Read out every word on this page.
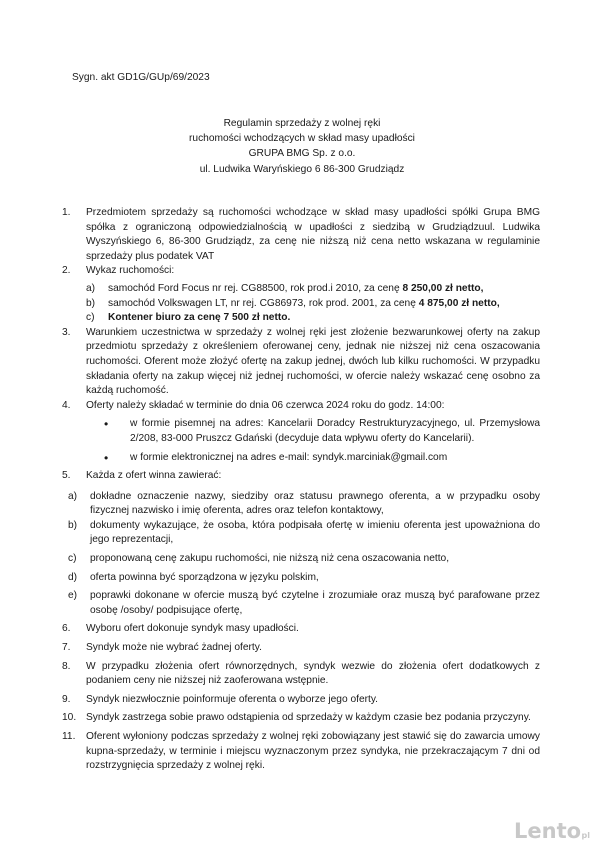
Sygn. akt GD1G/GUp/69/2023
Regulamin sprzedaży z wolnej ręki
ruchomości wchodzących w skład masy upadłości
GRUPA BMG Sp. z o.o.
ul. Ludwika Waryńskiego 6 86-300 Grudziądz
1.	Przedmiotem sprzedaży są ruchomości wchodzące w skład masy upadłości spółki Grupa BMG spółka z ograniczoną odpowiedzialnością w upadłości z siedzibą w Grudziądzuul. Ludwika Wyszyńskiego 6, 86-300 Grudziądz, za cenę nie niższą niż cena netto wskazana w regulaminie sprzedaży plus podatek VAT
2.	Wykaz ruchomości:
a)	samochód Ford Focus nr rej. CG88500, rok prod.i 2010, za cenę 8 250,00 zł netto,
b)	samochód Volkswagen LT, nr rej. CG86973, rok prod. 2001, za cenę 4 875,00 zł netto,
c)	Kontener biuro za cenę 7 500 zł netto.
3.	Warunkiem uczestnictwa w sprzedaży z wolnej ręki jest złożenie bezwarunkowej oferty na zakup przedmiotu sprzedaży z określeniem oferowanej ceny, jednak nie niższej niż cena oszacowania ruchomości. Oferent może złożyć ofertę na zakup jednej, dwóch lub kilku ruchomości. W przypadku składania oferty na zakup więcej niż jednej ruchomości, w ofercie należy wskazać cenę osobno za każdą ruchomość.
4.	Oferty należy składać w terminie do dnia 06 czerwca 2024 roku do godz. 14:00:
• w formie pisemnej na adres: Kancelarii Doradcy Restrukturyzacyjnego, ul. Przemysłowa 2/208, 83-000 Pruszcz Gdański (decyduje data wpływu oferty do Kancelarii).
• w formie elektronicznej na adres e-mail: syndyk.marciniak@gmail.com
5.	Każda z ofert winna zawierać:
a)	dokładne oznaczenie nazwy, siedziby oraz statusu prawnego oferenta, a w przypadku osoby fizycznej nazwisko i imię oferenta, adres oraz telefon kontaktowy,
b)	dokumenty wykazujące, że osoba, która podpisała ofertę w imieniu oferenta jest upoważniona do jego reprezentacji,
c)	proponowaną cenę zakupu ruchomości, nie niższą niż cena oszacowania netto,
d)	oferta powinna być sporządzona w języku polskim,
e)	poprawki dokonane w ofercie muszą być czytelne i zrozumiałe oraz muszą być parafowane przez osobę /osoby/ podpisujące ofertę,
6.	Wyboru ofert dokonuje syndyk masy upadłości.
7.	Syndyk może nie wybrać żadnej oferty.
8.	W przypadku złożenia ofert równorzędnych, syndyk wezwie do złożenia ofert dodatkowych z podaniem ceny nie niższej niż zaoferowana wstępnie.
9.	Syndyk niezwłocznie poinformuje oferenta o wyborze jego oferty.
10. Syndyk zastrzega sobie prawo odstąpienia od sprzedaży w każdym czasie bez podania przyczyny.
11.	Oferent wyłoniony podczas sprzedaży z wolnej ręki zobowiązany jest stawić się do zawarcia umowy kupna-sprzedaży, w terminie i miejscu wyznaczonym przez syndyka, nie przekraczającym 7 dni od rozstrzygnięcia sprzedaży z wolnej ręki.
Lento pl
